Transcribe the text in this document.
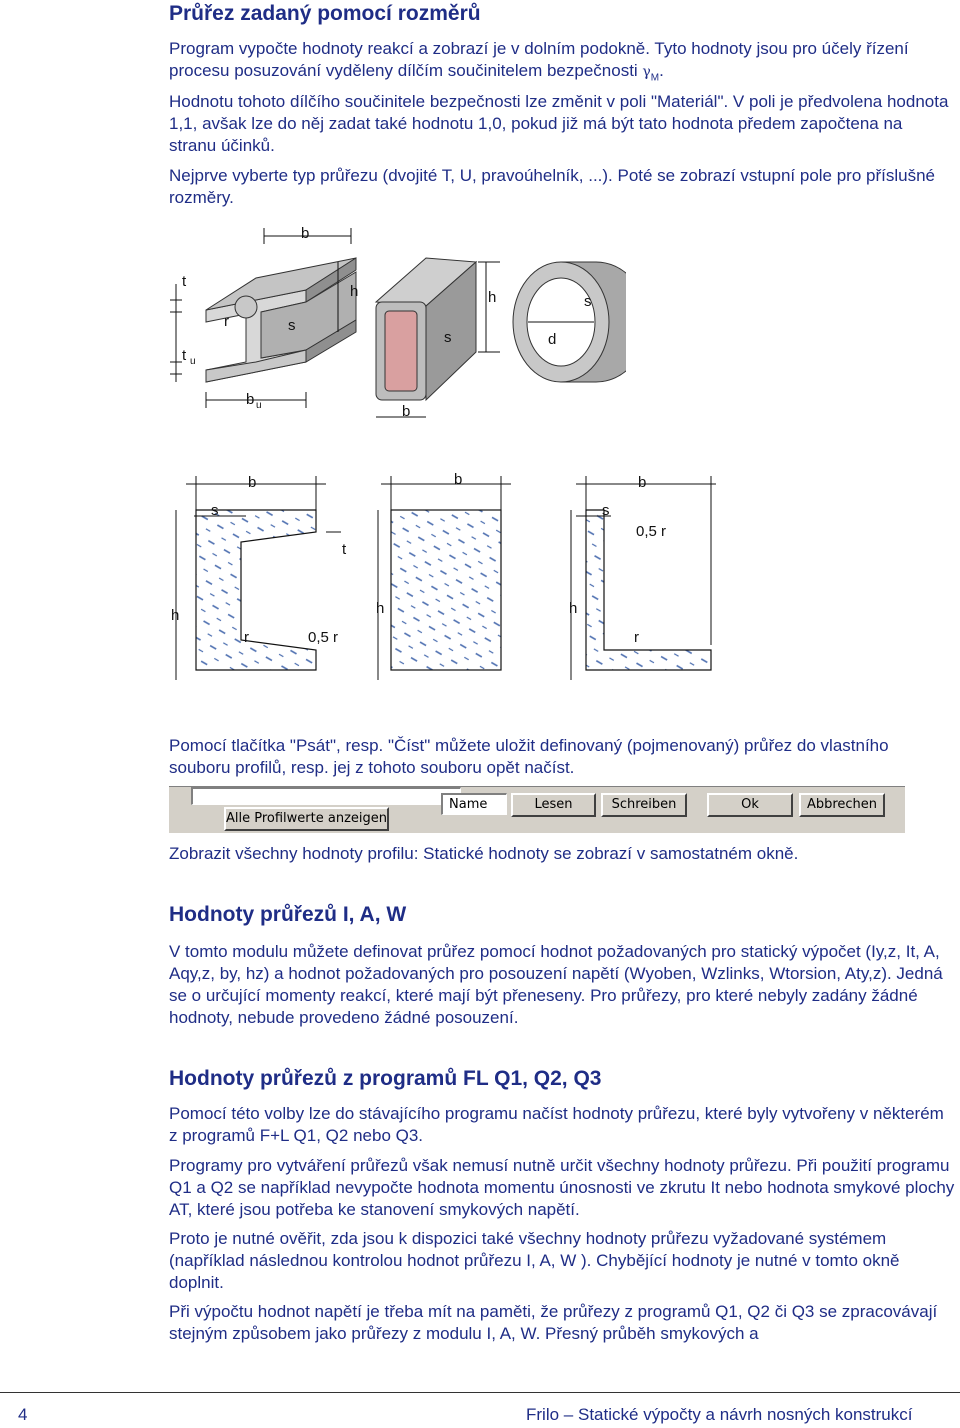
Průřez zadaný pomocí rozměrů

Program vypočte hodnoty reakcí a zobrazí je v dolním podokně. Tyto hodnoty jsou pro účely řízení procesu posuzování vyděleny dílčím součinitelem bezpečnosti $\gamma_M$.

Hodnotu tohoto dílčího součinitele bezpečnosti lze změnit v poli "Materiál". V poli je předvolena hodnota 1,1, avšak lze do něj zadat také hodnotu 1,0, pokud již má být tato hodnota předem započtena na stranu účinků.

Nejprve vyberte typ průřezu (dvojité T, U, pravoúhelník, ...). Poté se zobrazí vstupní pole pro příslušné rozměry.

b
t
r	s
h
t u
b u
h
s
b
d
s
b
s
t
h
r	0,5 r
b
h
b
s
0,5 r
h
r

Pomocí tlačítka "Psát", resp. "Číst" můžete uložit definovaný (pojmenovaný) průřez do vlastního souboru profilů, resp. jej z tohoto souboru opět načíst.

Alle Profilwerte anzeigen
Name	Lesen	Schreiben	Ok	Abbrechen

Zobrazit všechny hodnoty profilu: Statické hodnoty se zobrazí v samostatném okně.

Hodnoty průřezů I, A, W

V tomto modulu můžete definovat průřez pomocí hodnot požadovaných pro statický výpočet (Iy,z, It, A, Aqy,z, by, hz) a hodnot požadovaných pro posouzení napětí (Wyoben, Wzlinks, Wtorsion, Aty,z). Jedná se o určující momenty reakcí, které mají být přeneseny. Pro průřezy, pro které nebyly zadány žádné hodnoty, nebude provedeno žádné posouzení.

Hodnoty průřezů z programů FL Q1, Q2, Q3

Pomocí této volby lze do stávajícího programu načíst hodnoty průřezu, které byly vytvořeny v některém z programů F+L Q1, Q2 nebo Q3.

Programy pro vytváření průřezů však nemusí nutně určit všechny hodnoty průřezu. Při použití programu Q1 a Q2 se například nevypočte hodnota momentu únosnosti ve zkrutu It nebo hodnota smykové plochy AT, které jsou potřeba ke stanovení smykových napětí.

Proto je nutné ověřit, zda jsou k dispozici také všechny hodnoty průřezu vyžadované systémem (například následnou kontrolou hodnot průřezu I, A, W ). Chybějící hodnoty je nutné v tomto okně doplnit.

Při výpočtu hodnot napětí je třeba mít na paměti, že průřezy z programů Q1, Q2 či Q3 se zpracovávají stejným způsobem jako průřezy z modulu I, A, W. Přesný průběh smykových a

4	Frilo – Statické výpočty a návrh nosných konstrukcí
